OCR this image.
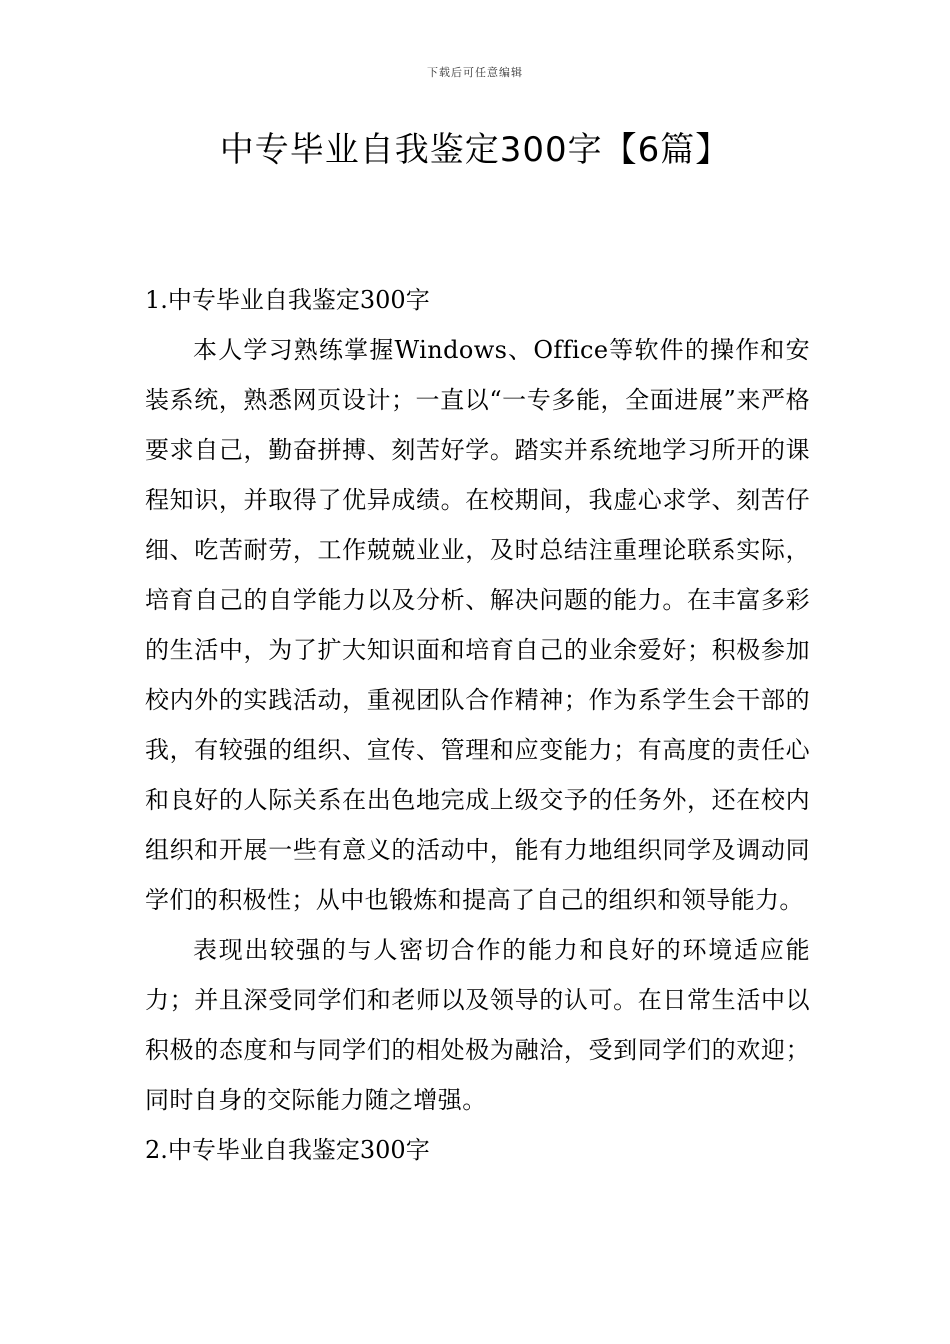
下载后可任意编辑
中专毕业自我鉴定300字【6篇】
1.中专毕业自我鉴定300字

本人学习熟练掌握Windows、Office等软件的操作和安装系统，熟悉网页设计；一直以“一专多能，全面进展”来严格要求自己，勤奋拼搏、刻苦好学。踏实并系统地学习所开的课程知识，并取得了优异成绩。在校期间，我虚心求学、刻苦仔细、吃苦耐劳，工作兢兢业业，及时总结注重理论联系实际，培育自己的自学能力以及分析、解决问题的能力。在丰富多彩的生活中，为了扩大知识面和培育自己的业余爱好；积极参加校内外的实践活动，重视团队合作精神；作为系学生会干部的我，有较强的组织、宣传、管理和应变能力；有高度的责任心和良好的人际关系在出色地完成上级交予的任务外，还在校内组织和开展一些有意义的活动中，能有力地组织同学及调动同学们的积极性；从中也锻炼和提高了自己的组织和领导能力。

表现出较强的与人密切合作的能力和良好的环境适应能力；并且深受同学们和老师以及领导的认可。在日常生活中以积极的态度和与同学们的相处极为融洽，受到同学们的欢迎；同时自身的交际能力随之增强。

2.中专毕业自我鉴定300字
